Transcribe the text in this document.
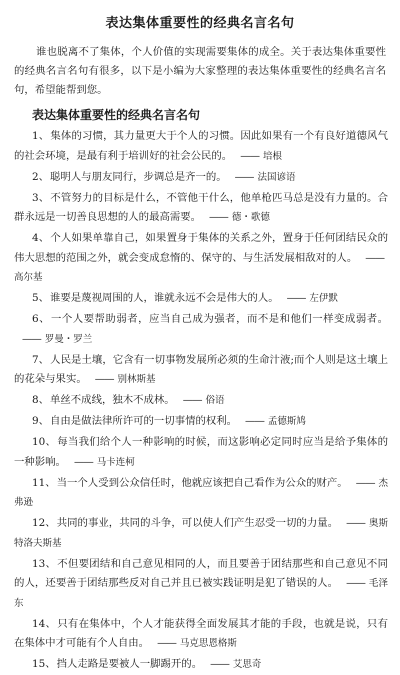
表达集体重要性的经典名言名句

谁也脱离不了集体，个人价值的实现需要集体的成全。关于表达集体重要性的经典名言名句有很多，以下是小编为大家整理的表达集体重要性的经典名言名句，希望能帮到您。

表达集体重要性的经典名言名句

1、集体的习惯，其力量更大于个人的习惯。因此如果有一个有良好道德风气的社会环境，是最有利于培训好的社会公民的。 —— 培根

2、聪明人与朋友同行，步调总是齐一的。 —— 法国谚语

3、不管努力的目标是什么，不管他干什么，他单枪匹马总是没有力量的。合群永远是一切善良思想的人的最高需要。 —— 德・歌德

4、个人如果单靠自己，如果置身于集体的关系之外，置身于任何团结民众的伟大思想的范围之外，就会变成怠惰的、保守的、与生活发展相敌对的人。 ——高尔基

5、谁要是蔑视周围的人，谁就永远不会是伟大的人。 —— 左伊默

6、一个人要帮助弱者，应当自己成为强者，而不是和他们一样变成弱者。—— 罗曼・罗兰

7、人民是土壤，它含有一切事物发展所必须的生命汁液;而个人则是这土壤上的花朵与果实。 —— 别林斯基

8、单丝不成线，独木不成林。 —— 俗语

9、自由是做法律所许可的一切事情的权利。 —— 孟德斯鸠

10、每当我们给个人一种影响的时候，而这影响必定同时应当是给予集体的一种影响。 —— 马卡连柯

11、当一个人受到公众信任时，他就应该把自己看作为公众的财产。 —— 杰弗逊

12、共同的事业，共同的斗争，可以使人们产生忍受一切的力量。 —— 奥斯特洛夫斯基

13、不但要团结和自己意见相同的人，而且要善于团结那些和自己意见不同的人，还要善于团结那些反对自己并且已被实践证明是犯了错误的人。 —— 毛泽东

14、只有在集体中，个人才能获得全面发展其才能的手段，也就是说，只有在集体中才可能有个人自由。 —— 马克思恩格斯

15、挡人走路是要被人一脚踢开的。 —— 艾思奇
